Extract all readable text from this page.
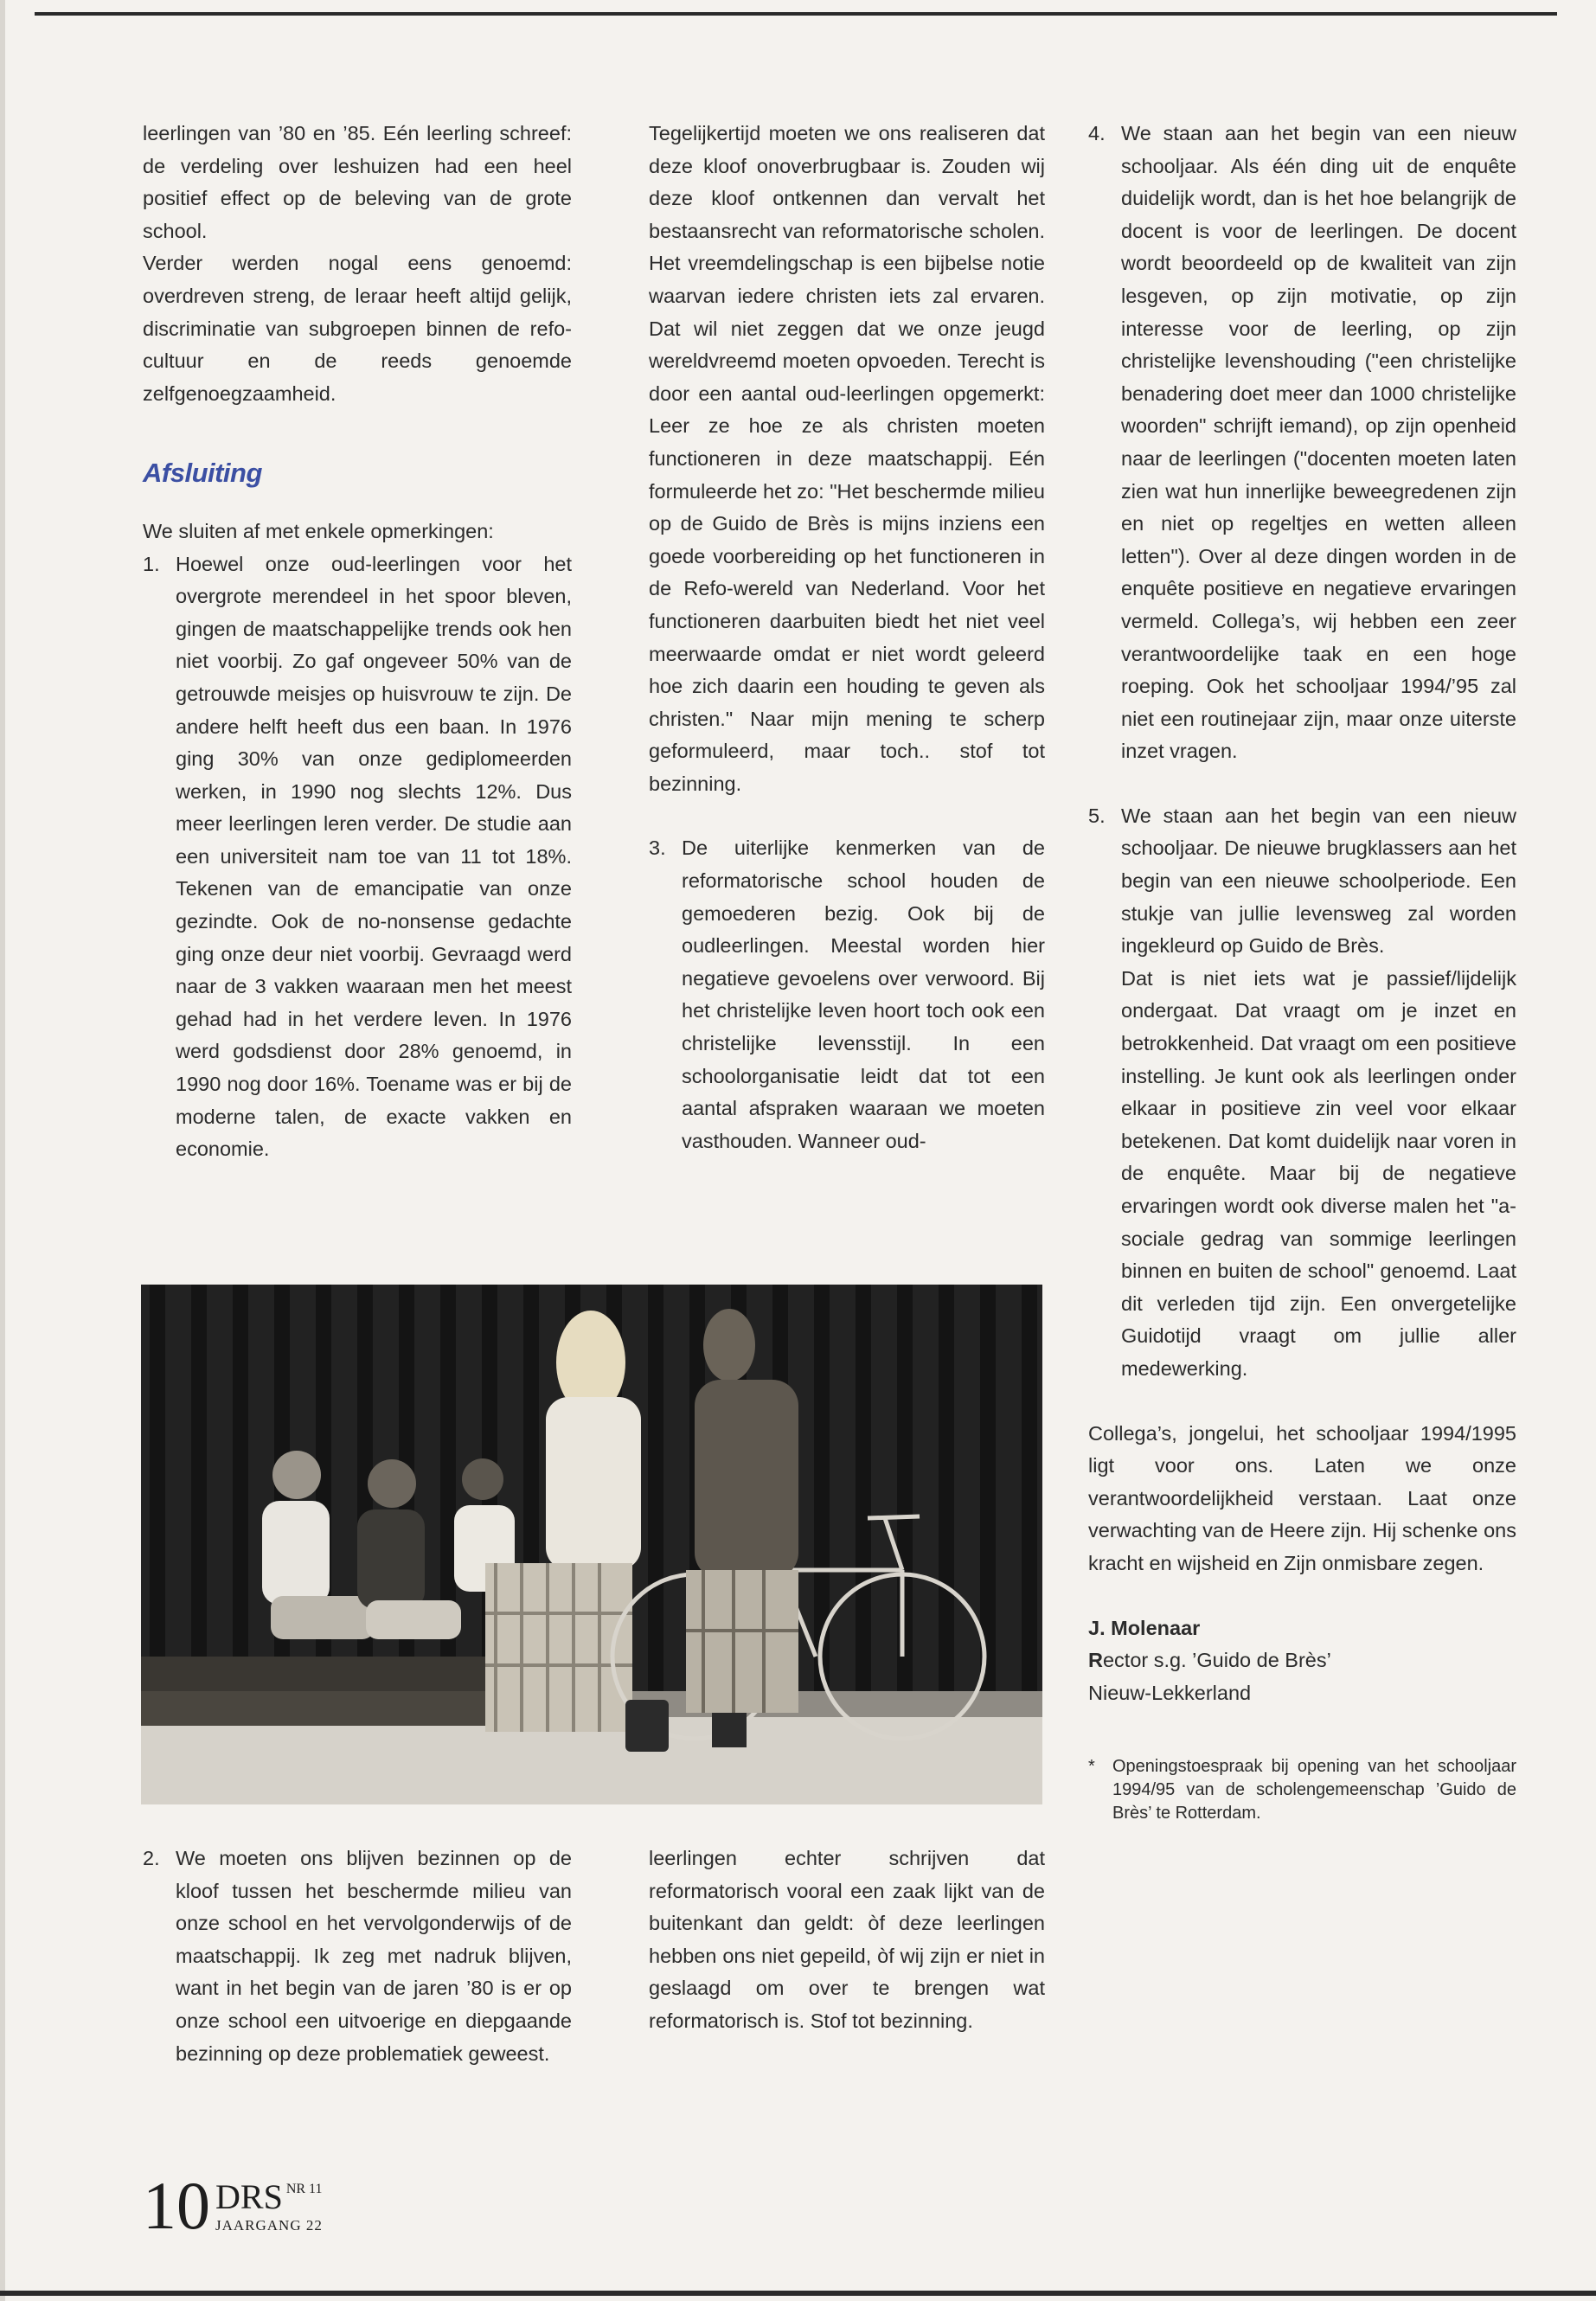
leerlingen van ’80 en ’85. Eén leerling schreef: de verdeling over leshuizen had een heel positief effect op de beleving van de grote school.

Verder werden nogal eens genoemd: overdreven streng, de leraar heeft altijd gelijk, discriminatie van subgroepen binnen de refo-cultuur en de reeds genoemde zelfgenoegzaamheid.

Afsluiting

We sluiten af met enkele opmerkingen:

1. Hoewel onze oud-leerlingen voor het overgrote merendeel in het spoor bleven, gingen de maatschappelijke trends ook hen niet voorbij. Zo gaf ongeveer 50% van de getrouwde meisjes op huisvrouw te zijn. De andere helft heeft dus een baan. In 1976 ging 30% van onze gediplomeerden werken, in 1990 nog slechts 12%. Dus meer leerlingen leren verder. De studie aan een universiteit nam toe van 11 tot 18%. Tekenen van de emancipatie van onze gezindte. Ook de no-nonsense gedachte ging onze deur niet voorbij. Gevraagd werd naar de 3 vakken waaraan men het meest gehad had in het verdere leven. In 1976 werd godsdienst door 28% genoemd, in 1990 nog door 16%. Toename was er bij de moderne talen, de exacte vakken en economie.

Tegelijkertijd moeten we ons realiseren dat deze kloof onoverbrugbaar is. Zouden wij deze kloof ontkennen dan vervalt het bestaansrecht van reformatorische scholen. Het vreemdelingschap is een bijbelse notie waarvan iedere christen iets zal ervaren. Dat wil niet zeggen dat we onze jeugd wereldvreemd moeten opvoeden. Terecht is door een aantal oud-leerlingen opgemerkt: Leer ze hoe ze als christen moeten functioneren in deze maatschappij. Eén formuleerde het zo: "Het beschermde milieu op de Guido de Brès is mijns inziens een goede voorbereiding op het functioneren in de Refo-wereld van Nederland. Voor het functioneren daarbuiten biedt het niet veel meerwaarde omdat er niet wordt geleerd hoe zich daarin een houding te geven als christen." Naar mijn mening te scherp geformuleerd, maar toch.. stof tot bezinning.

3. De uiterlijke kenmerken van de reformatorische school houden de gemoederen bezig. Ook bij de oudleerlingen. Meestal worden hier negatieve gevoelens over verwoord. Bij het christelijke leven hoort toch ook een christelijke levensstijl. In een schoolorganisatie leidt dat tot een aantal afspraken waaraan we moeten vasthouden. Wanneer oud-
4. We staan aan het begin van een nieuw schooljaar. Als één ding uit de enquête duidelijk wordt, dan is het hoe belangrijk de docent is voor de leerlingen. De docent wordt beoordeeld op de kwaliteit van zijn lesgeven, op zijn motivatie, op zijn interesse voor de leerling, op zijn christelijke levenshouding ("een christelijke benadering doet meer dan 1000 christelijke woorden" schrijft iemand), op zijn openheid naar de leerlingen ("docenten moeten laten zien wat hun innerlijke beweegredenen zijn en niet op regeltjes en wetten alleen letten"). Over al deze dingen worden in de enquête positieve en negatieve ervaringen vermeld. Collega’s, wij hebben een zeer verantwoordelijke taak en een hoge roeping. Ook het schooljaar 1994/’95 zal niet een routinejaar zijn, maar onze uiterste inzet vragen.
5. We staan aan het begin van een nieuw schooljaar. De nieuwe brugklassers aan het begin van een nieuwe schoolperiode. Een stukje van jullie levensweg zal worden ingekleurd op Guido de Brès.

Dat is niet iets wat je passief/lijdelijk ondergaat. Dat vraagt om je inzet en betrokkenheid. Dat vraagt om een positieve instelling. Je kunt ook als leerlingen onder elkaar in positieve zin veel voor elkaar betekenen. Dat komt duidelijk naar voren in de enquête. Maar bij de negatieve ervaringen wordt ook diverse malen het "a-sociale gedrag van sommige leerlingen binnen en buiten de school" genoemd. Laat dit verleden tijd zijn. Een onvergetelijke Guidotijd vraagt om jullie aller medewerking.

Collega’s, jongelui, het schooljaar 1994/1995 ligt voor ons. Laten we onze verantwoordelijkheid verstaan. Laat onze verwachting van de Heere zijn. Hij schenke ons kracht en wijsheid en Zijn onmisbare zegen.

J. Molenaar
Rector s.g. ’Guido de Brès’
Nieuw-Lekkerland
*	Openingstoespraak bij opening van het schooljaar 1994/95 van de scholengemeenschap ’Guido de Brès’ te Rotterdam.
2. We moeten ons blijven bezinnen op de kloof tussen het beschermde milieu van onze school en het vervolgonderwijs of de maatschappij. Ik zeg met nadruk blijven, want in het begin van de jaren ’80 is er op onze school een uitvoerige en diepgaande bezinning op deze problematiek geweest.

leerlingen echter schrijven dat reformatorisch vooral een zaak lijkt van de buitenkant dan geldt: òf deze leerlingen hebben ons niet gepeild, òf wij zijn er niet in geslaagd om over te brengen wat reformatorisch is. Stof tot bezinning.

10 DRS NR 11
JAARGANG 22
